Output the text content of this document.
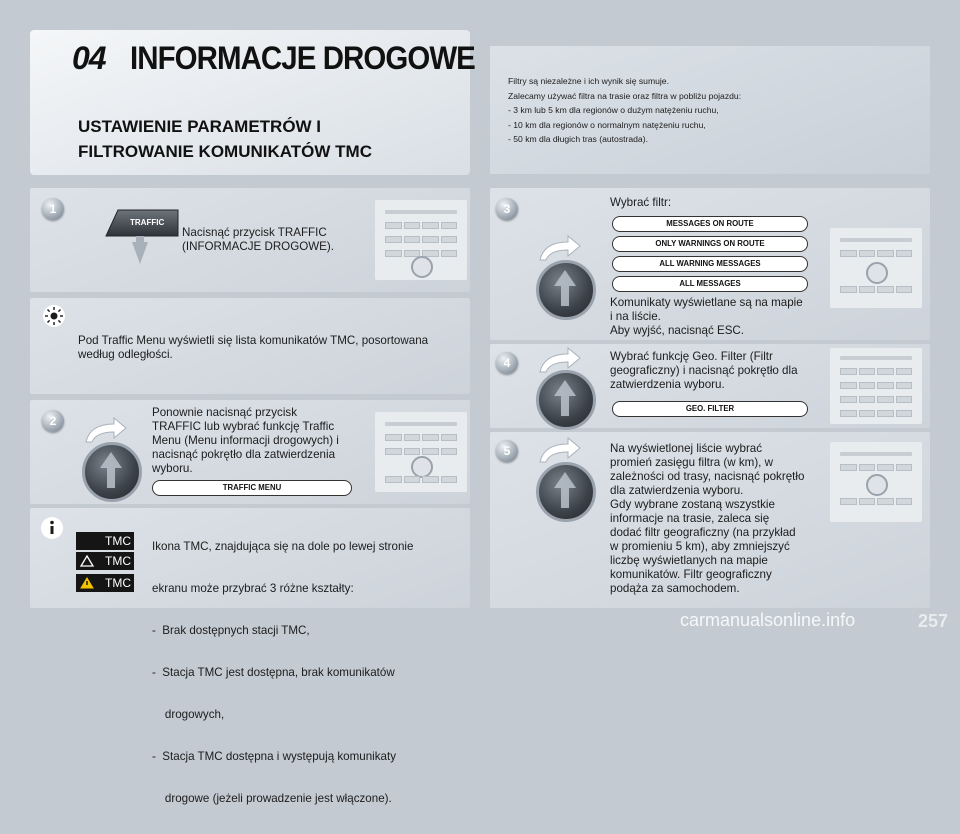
04 INFORMACJE DROGOWE
USTAWIENIE PARAMETRÓW I
FILTROWANIE KOMUNIKATÓW TMC

Filtry są niezależne i ich wynik się sumuje.

Zalecamy używać filtra na trasie oraz filtra w pobliżu pojazdu:

- 3 km lub 5 km dla regionów o dużym natężeniu ruchu,

- 10 km dla regionów o normalnym natężeniu ruchu,

- 50 km dla długich tras (autostrada).

1
TRAFFIC
Nacisnąć przycisk TRAFFIC
(INFORMACJE DROGOWE).
Pod Traffic Menu wyświetli się lista komunikatów TMC, posortowana
według odległości.
2
Ponownie nacisnąć przycisk
TRAFFIC lub wybrać funkcję Traffic
Menu (Menu informacji drogowych) i
nacisnąć pokrętło dla zatwierdzenia
wyboru.
TRAFFIC MENU
TMC
TMC
TMC

Ikona TMC, znajdująca się na dole po lewej stronie

ekranu może przybrać 3 różne kształty:

-  Brak dostępnych stacji TMC,

-  Stacja TMC jest dostępna, brak komunikatów

drogowych,

-  Stacja TMC dostępna i występują komunikaty

drogowe (jeżeli prowadzenie jest włączone).

3	Wybrać filtr:
MESSAGES ON ROUTE
ONLY WARNINGS ON ROUTE
ALL WARNING MESSAGES
ALL MESSAGES
Komunikaty wyświetlane są na mapie
i na liście.
Aby wyjść, nacisnąć ESC.
4	Wybrać funkcję Geo. Filter (Filtr
geograficzny) i nacisnąć pokrętło dla
zatwierdzenia wyboru.
GEO. FILTER
5	Na wyświetlonej liście wybrać
promień zasięgu filtra (w km), w
zależności od trasy, nacisnąć pokrętło
dla zatwierdzenia wyboru.
Gdy wybrane zostaną wszystkie
informacje na trasie, zaleca się
dodać filtr geograficzny (na przykład
w promieniu 5 km), aby zmniejszyć
liczbę wyświetlanych na mapie
komunikatów. Filtr geograficzny
podąża za samochodem.
257
carmanualsonline.info
